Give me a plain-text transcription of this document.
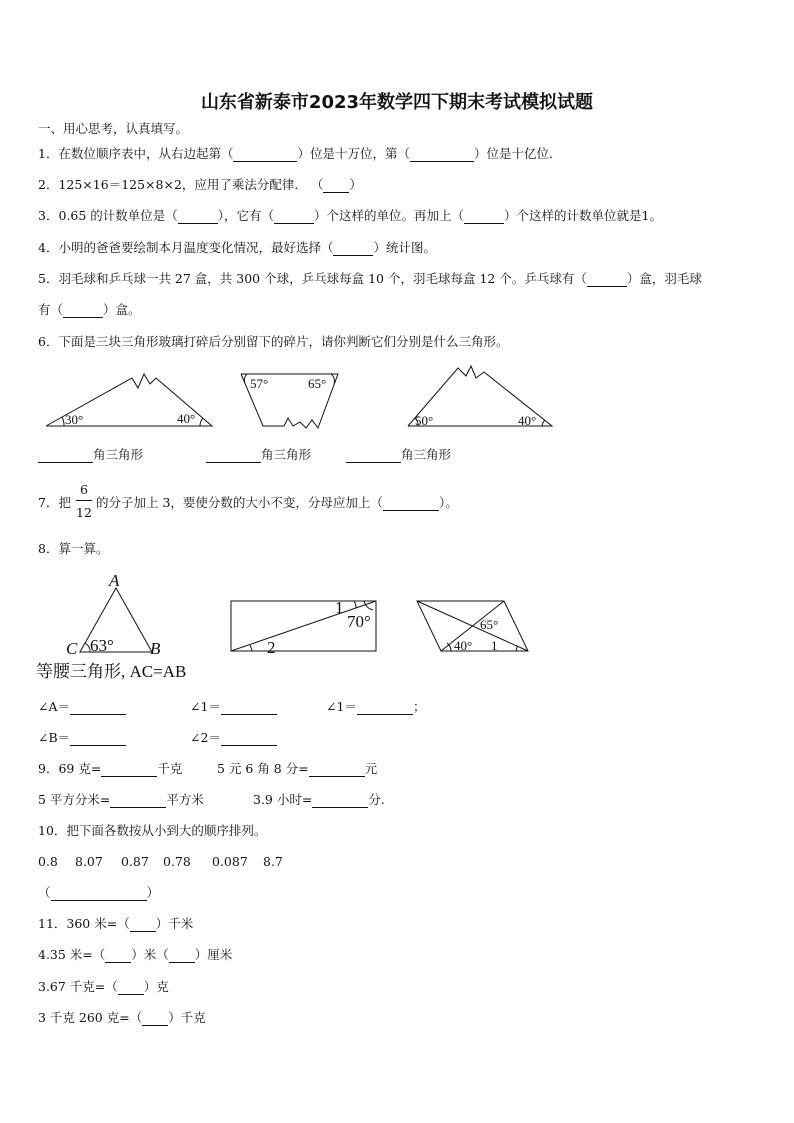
山东省新泰市2023年数学四下期末考试模拟试题
一、用心思考，认真填写。
1．在数位顺序表中，从右边起第（	）位是十万位，第（	）位是十亿位．
2．125×16＝125×8×2，应用了乘法分配律． （ ）
3．0.65 的计数单位是（	），它有（	）个这样的单位。再加上（	）个这样的计数单位就是1。
4．小明的爸爸要绘制本月温度变化情况，最好选择（	）统计图。
5．羽毛球和乒乓球一共 27 盒，共 300 个球，乒乓球每盒 10 个，羽毛球每盒 12 个。乒乓球有（	）盒，羽毛球
有（	）盒。
6．下面是三块三角形玻璃打碎后分别留下的碎片，请你判断它们分别是什么三角形。
30°	40°
57°	65°
50°	40°
角三角形	角三角形	角三角形
7．把
6
12
的分子加上 3，要使分数的大小不变，分母应加上（	）。
8．算一算。
A
C	B
63°
1
70°
2
65°
40° 1
等腰三角形, AC=AB
∠A＝	∠1＝	∠1＝	；
∠B＝	∠2＝
9．69 克=	千克	5 元 6 角 8 分=	元
5 平方分米=	平方米	3.9 小时=	分.
10．把下面各数按从小到大的顺序排列。
0.8 8.07 0.87 0.78 0.087 8.7
（	）
11．360 米=（ ）千米
4.35 米=（ ）米（ ）厘米
3.67 千克=（ ）克
3 千克 260 克=（ ）千克
